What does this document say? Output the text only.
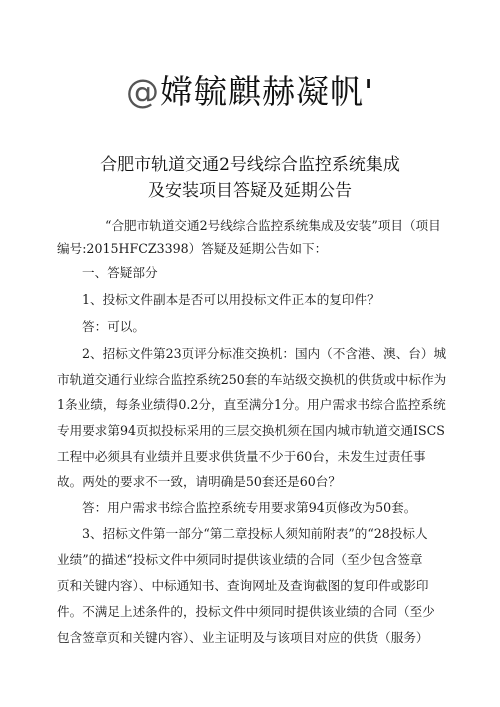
@嫦毓麒赫凝帆'
合肥市轨道交通2号线综合监控系统集成
及安装项目答疑及延期公告
“合肥市轨道交通2号线综合监控系统集成及安装”项目（项目
编号:2015HFCZ3398）答疑及延期公告如下：
一、答疑部分
1、投标文件副本是否可以用投标文件正本的复印件？
答：可以。
2、招标文件第23页评分标准交换机：国内（不含港、澳、台）城
市轨道交通行业综合监控系统250套的车站级交换机的供货或中标作为
1条业绩，每条业绩得0.2分，直至满分1分。用户需求书综合监控系统
专用要求第94页拟投标采用的三层交换机须在国内城市轨道交通ISCS
工程中必须具有业绩并且要求供货量不少于60台，未发生过责任事
故。两处的要求不一致，请明确是50套还是60台？
答：用户需求书综合监控系统专用要求第94页修改为50套。
3、招标文件第一部分“第二章投标人须知前附表”的“28投标人
业绩”的描述“投标文件中须同时提供该业绩的合同（至少包含签章
页和关键内容）、中标通知书、查询网址及查询截图的复印件或影印
件。不满足上述条件的，投标文件中须同时提供该业绩的合同（至少
包含签章页和关键内容）、业主证明及与该项目对应的供货（服务）
